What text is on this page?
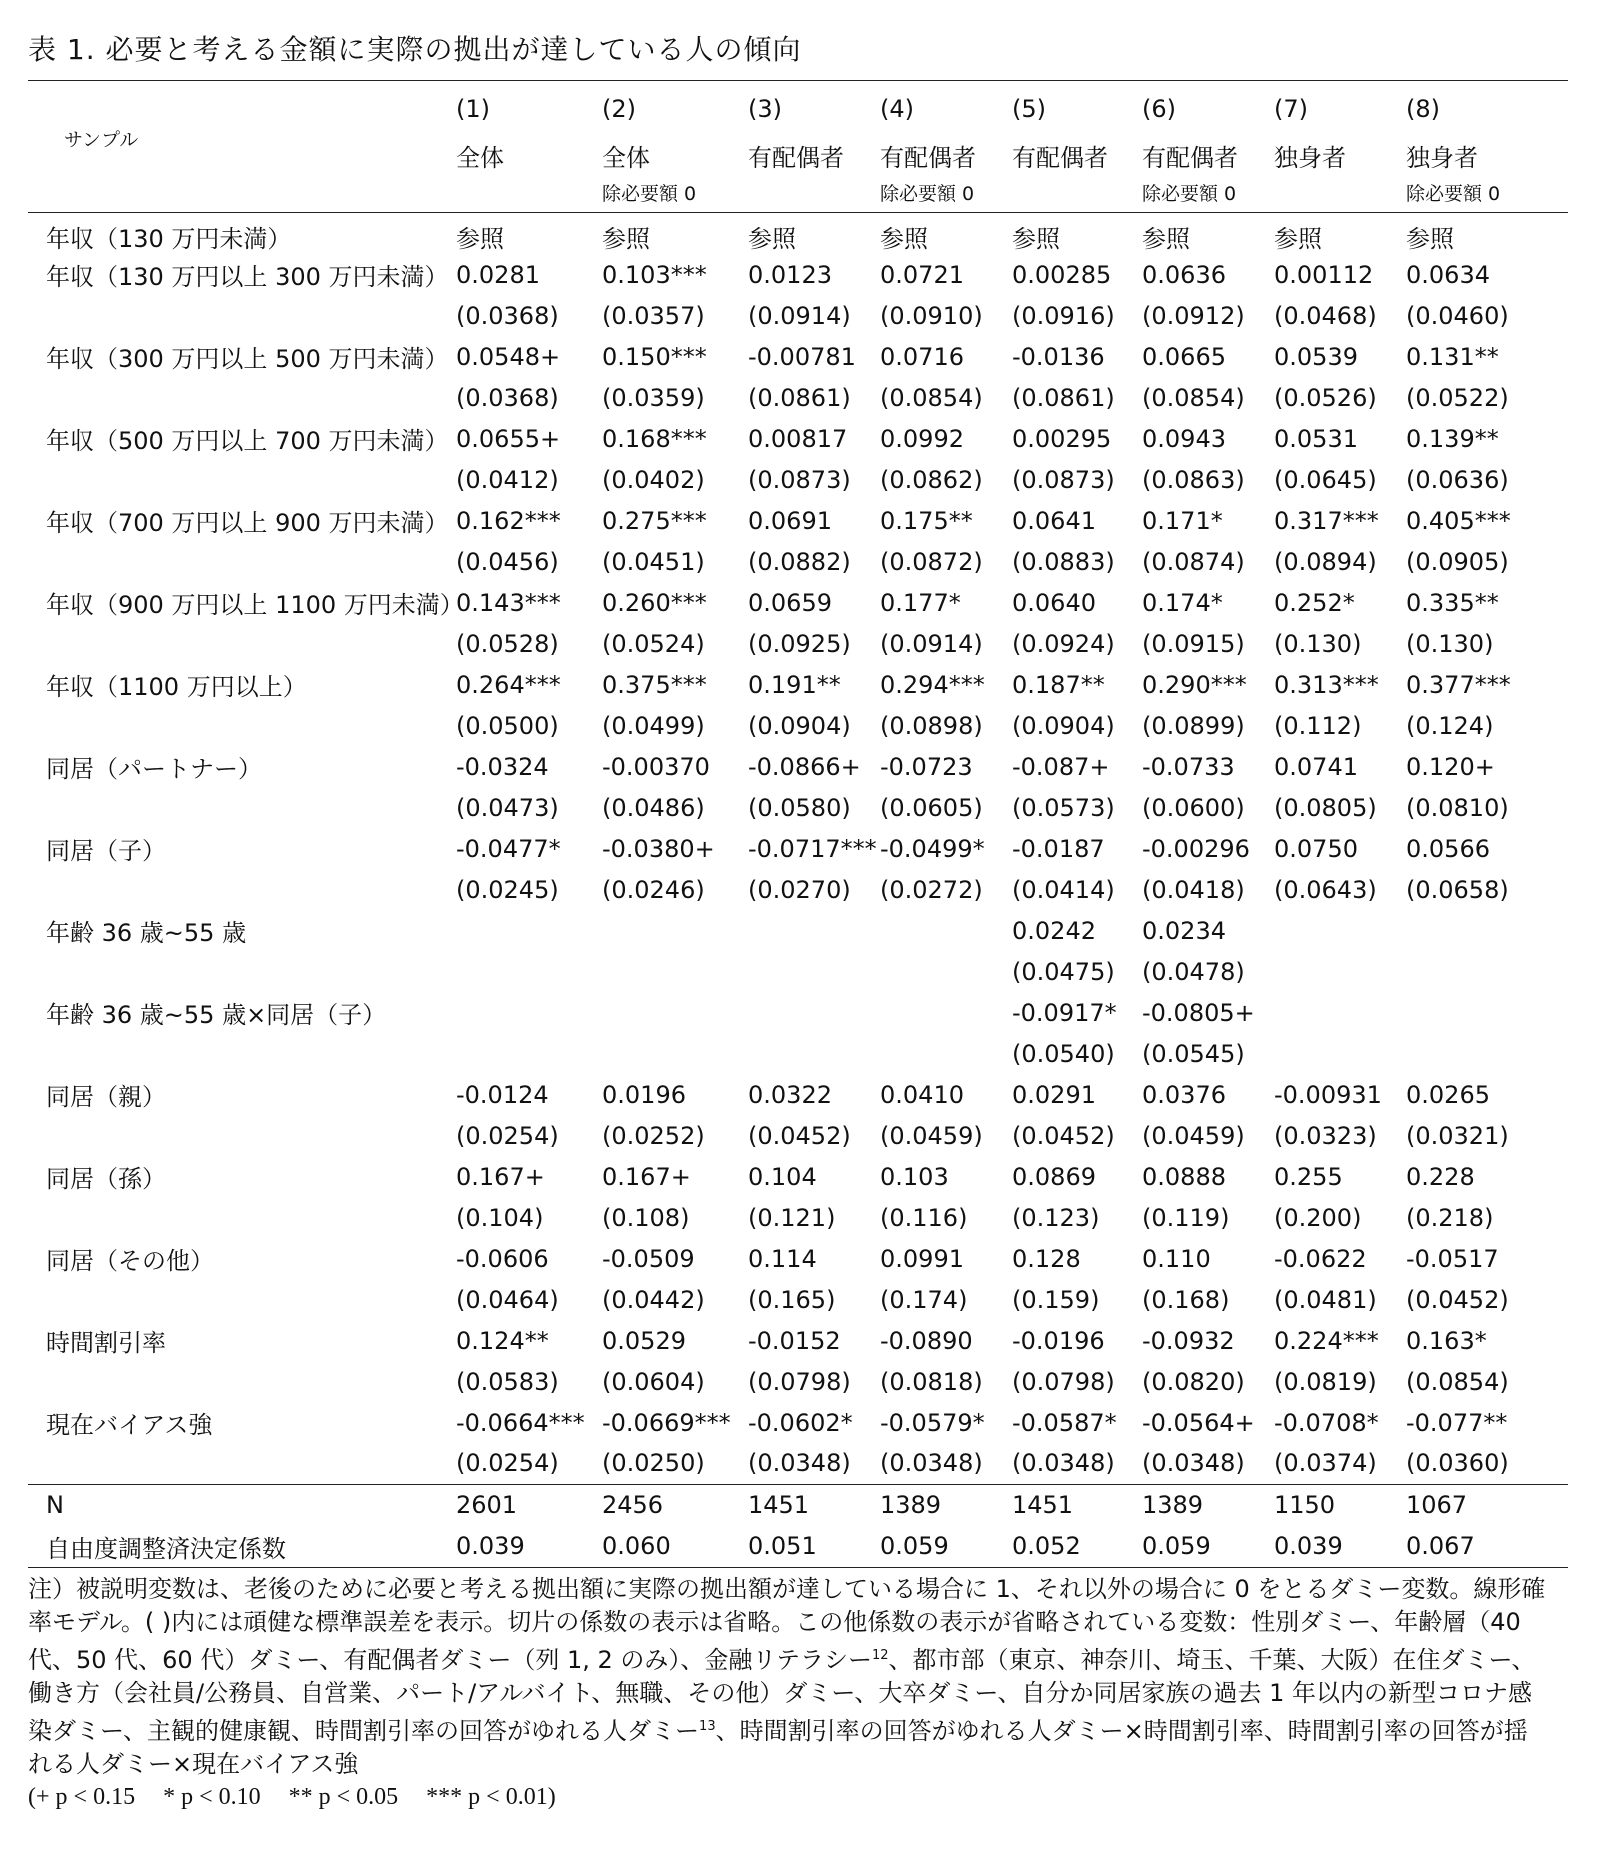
表 1. 必要と考える金額に実際の拠出が達している人の傾向
	(1)	(2)	(3)	(4)	(5)	(6)	(7)	(8)
	全体	全体	有配偶者	有配偶者	有配偶者	有配偶者	独身者	独身者

サンプル		除必要額 0		除必要額 0		除必要額 0		除必要額 0
年収（130 万円未満）	参照	参照	参照	参照	参照	参照	参照	参照
年収（130 万円以上 300 万円未満）	0.0281	0.103***	0.0123	0.0721	0.00285	0.0636	0.00112	0.0634
	(0.0368)	(0.0357)	(0.0914)	(0.0910)	(0.0916)	(0.0912)	(0.0468)	(0.0460)
年収（300 万円以上 500 万円未満）	0.0548+	0.150***	-0.00781	0.0716	-0.0136	0.0665	0.0539	0.131**
	(0.0368)	(0.0359)	(0.0861)	(0.0854)	(0.0861)	(0.0854)	(0.0526)	(0.0522)
年収（500 万円以上 700 万円未満）	0.0655+	0.168***	0.00817	0.0992	0.00295	0.0943	0.0531	0.139**
	(0.0412)	(0.0402)	(0.0873)	(0.0862)	(0.0873)	(0.0863)	(0.0645)	(0.0636)
年収（700 万円以上 900 万円未満）	0.162***	0.275***	0.0691	0.175**	0.0641	0.171*	0.317***	0.405***
	(0.0456)	(0.0451)	(0.0882)	(0.0872)	(0.0883)	(0.0874)	(0.0894)	(0.0905)
年収（900 万円以上 1100 万円未満）	0.143***	0.260***	0.0659	0.177*	0.0640	0.174*	0.252*	0.335**
	(0.0528)	(0.0524)	(0.0925)	(0.0914)	(0.0924)	(0.0915)	(0.130)	(0.130)
年収（1100 万円以上）	0.264***	0.375***	0.191**	0.294***	0.187**	0.290***	0.313***	0.377***
	(0.0500)	(0.0499)	(0.0904)	(0.0898)	(0.0904)	(0.0899)	(0.112)	(0.124)
同居（パートナー）	-0.0324	-0.00370	-0.0866+	-0.0723	-0.087+	-0.0733	0.0741	0.120+
	(0.0473)	(0.0486)	(0.0580)	(0.0605)	(0.0573)	(0.0600)	(0.0805)	(0.0810)
同居（子）	-0.0477*	-0.0380+	-0.0717***	-0.0499*	-0.0187	-0.00296	0.0750	0.0566
	(0.0245)	(0.0246)	(0.0270)	(0.0272)	(0.0414)	(0.0418)	(0.0643)	(0.0658)
年齢 36 歳~55 歳					0.0242	0.0234		
					(0.0475)	(0.0478)		
年齢 36 歳~55 歳×同居（子）					-0.0917*	-0.0805+		
					(0.0540)	(0.0545)		
同居（親）	-0.0124	0.0196	0.0322	0.0410	0.0291	0.0376	-0.00931	0.0265
	(0.0254)	(0.0252)	(0.0452)	(0.0459)	(0.0452)	(0.0459)	(0.0323)	(0.0321)
同居（孫）	0.167+	0.167+	0.104	0.103	0.0869	0.0888	0.255	0.228
	(0.104)	(0.108)	(0.121)	(0.116)	(0.123)	(0.119)	(0.200)	(0.218)
同居（その他）	-0.0606	-0.0509	0.114	0.0991	0.128	0.110	-0.0622	-0.0517
	(0.0464)	(0.0442)	(0.165)	(0.174)	(0.159)	(0.168)	(0.0481)	(0.0452)
時間割引率	0.124**	0.0529	-0.0152	-0.0890	-0.0196	-0.0932	0.224***	0.163*
	(0.0583)	(0.0604)	(0.0798)	(0.0818)	(0.0798)	(0.0820)	(0.0819)	(0.0854)
現在バイアス強	-0.0664***	-0.0669***	-0.0602*	-0.0579*	-0.0587*	-0.0564+	-0.0708*	-0.077**
	(0.0254)	(0.0250)	(0.0348)	(0.0348)	(0.0348)	(0.0348)	(0.0374)	(0.0360)
N	2601	2456	1451	1389	1451	1389	1150	1067
自由度調整済決定係数	0.039	0.060	0.051	0.059	0.052	0.059	0.039	0.067

注）被説明変数は、老後のために必要と考える拠出額に実際の拠出額が達している場合に 1、それ以外の場合に 0 をとるダミー変数。線形確率モデル。( )内には頑健な標準誤差を表示。切片の係数の表示は省略。この他係数の表示が省略されている変数：性別ダミー、年齢層（40 代、50 代、60 代）ダミー、有配偶者ダミー（列 1, 2 のみ）、金融リテラシー$^{12}$、都市部（東京、神奈川、埼玉、千葉、大阪）在住ダミー、働き方（会社員/公務員、自営業、パート/アルバイト、無職、その他）ダミー、大卒ダミー、自分か同居家族の過去 1 年以内の新型コロナ感染ダミー、主観的健康観、時間割引率の回答がゆれる人ダミー$^{13}$、時間割引率の回答がゆれる人ダミー×時間割引率、時間割引率の回答が揺れる人ダミー×現在バイアス強

(+ p < 0.15 * p < 0.10 ** p < 0.05 *** p < 0.01)
